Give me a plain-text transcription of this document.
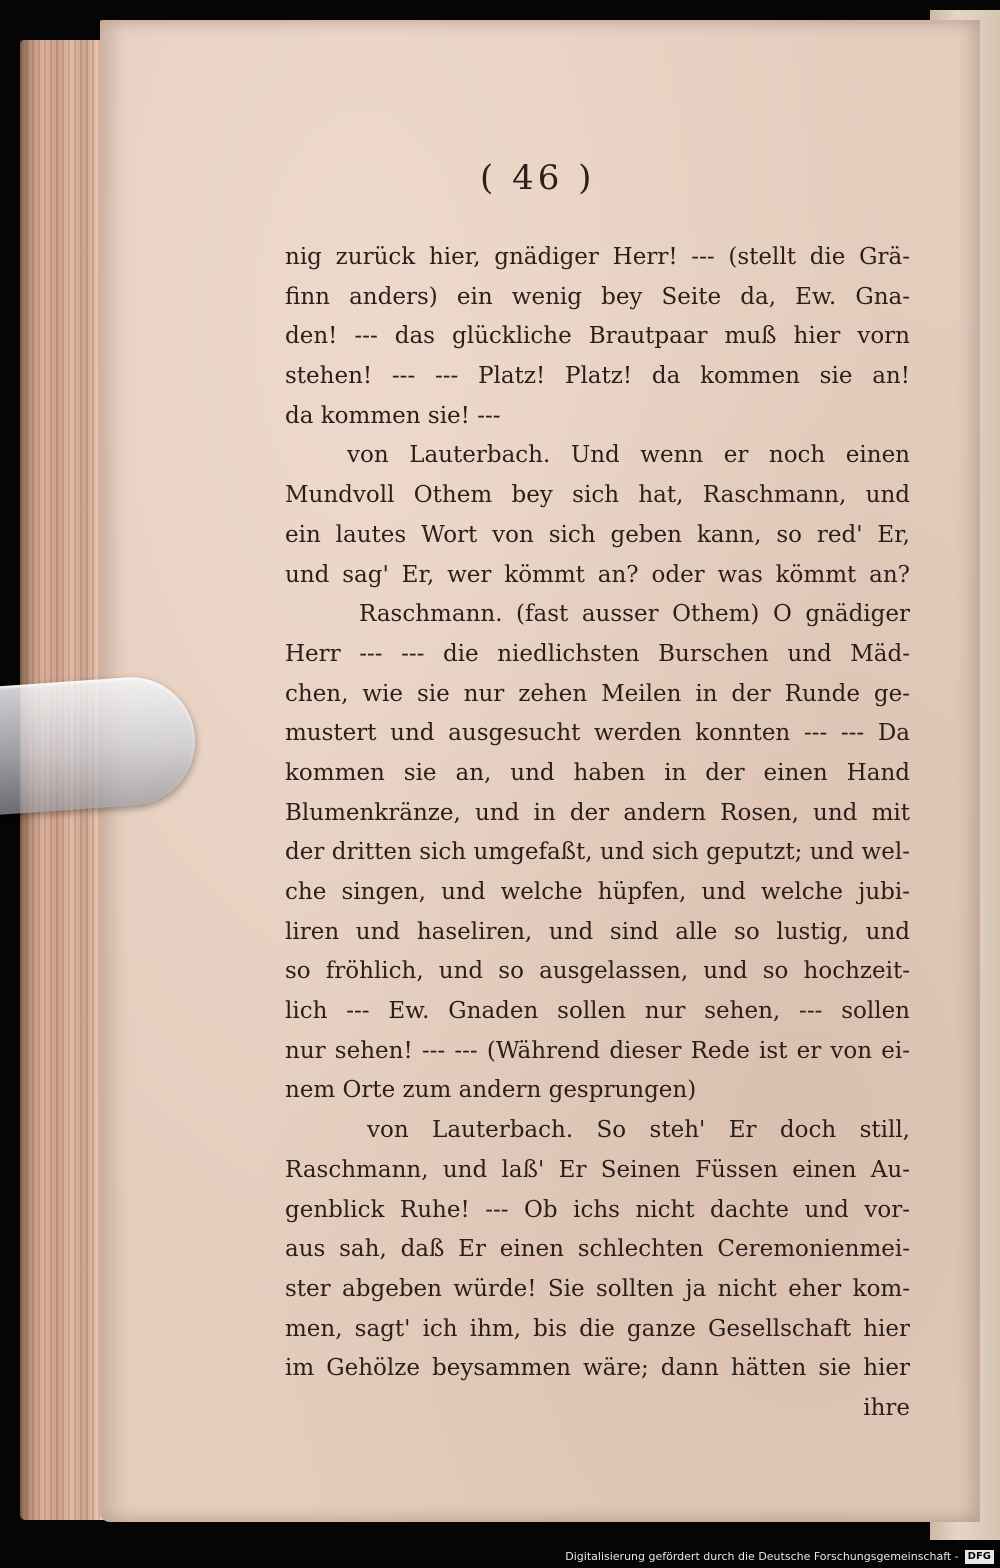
( 46 )
nig zurück hier, gnädiger Herr! --- (stellt die Grä-
finn anders) ein wenig bey Seite da, Ew. Gna-
den! --- das glückliche Brautpaar muß hier vorn
stehen! --- --- Platz! Platz! da kommen sie an!
da kommen sie! ---
von Lauterbach. Und wenn er noch einen
Mundvoll Othem bey sich hat, Raschmann, und
ein lautes Wort von sich geben kann, so red' Er,
und sag' Er, wer kömmt an? oder was kömmt an?
Raschmann. (fast ausser Othem) O gnädiger
Herr --- --- die niedlichsten Burschen und Mäd-
chen, wie sie nur zehen Meilen in der Runde ge-
mustert und ausgesucht werden konnten --- --- Da
kommen sie an, und haben in der einen Hand
Blumenkränze, und in der andern Rosen, und mit
der dritten sich umgefaßt, und sich geputzt; und wel-
che singen, und welche hüpfen, und welche jubi-
liren und haseliren, und sind alle so lustig, und
so fröhlich, und so ausgelassen, und so hochzeit-
lich --- Ew. Gnaden sollen nur sehen, --- sollen
nur sehen! --- --- (Während dieser Rede ist er von ei-
nem Orte zum andern gesprungen)
von Lauterbach. So steh' Er doch still,
Raschmann, und laß' Er Seinen Füssen einen Au-
genblick Ruhe! --- Ob ichs nicht dachte und vor-
aus sah, daß Er einen schlechten Ceremonienmei-
ster abgeben würde! Sie sollten ja nicht eher kom-
men, sagt' ich ihm, bis die ganze Gesellschaft hier
im Gehölze beysammen wäre; dann hätten sie hier
ihre
Digitalisierung gefördert durch die Deutsche Forschungsgemeinschaft - DFG
